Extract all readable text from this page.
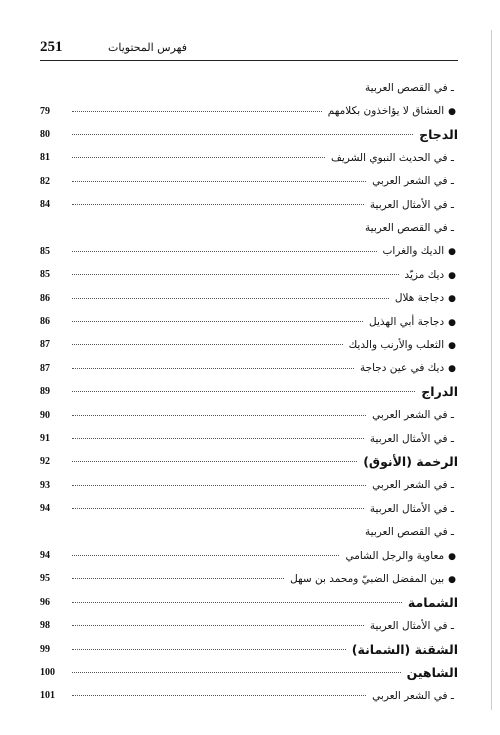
251	فهرس المحتويات
ـ في القصص العربية
79	●العشاق لا يؤاخذون بكلامهم
80	الدجاج
81	ـ في الحديث النبوي الشريف
82	ـ في الشعر العربي
84	ـ في الأمثال العربية
ـ في القصص العربية
85	●الديك والغراب
85	●ديك مزيّد
86	●دجاجة هلال
86	●دجاجة أبي الهذيل
87	●الثعلب والأرنب والديك
87	●ديك في عين دجاجة
89	الدراج
90	ـ في الشعر العربي
91	ـ في الأمثال العربية
92	الرخمة (الأنوق)
93	ـ في الشعر العربي
94	ـ في الأمثال العربية
ـ في القصص العربية
94	●معاوية والرجل الشامي
95	●بين المفضل الضبيّ ومحمد بن سهل
96	الشمامة
98	ـ في الأمثال العربية
99	الشقنة (الشمانة)
100	الشاهين
101	ـ في الشعر العربي
